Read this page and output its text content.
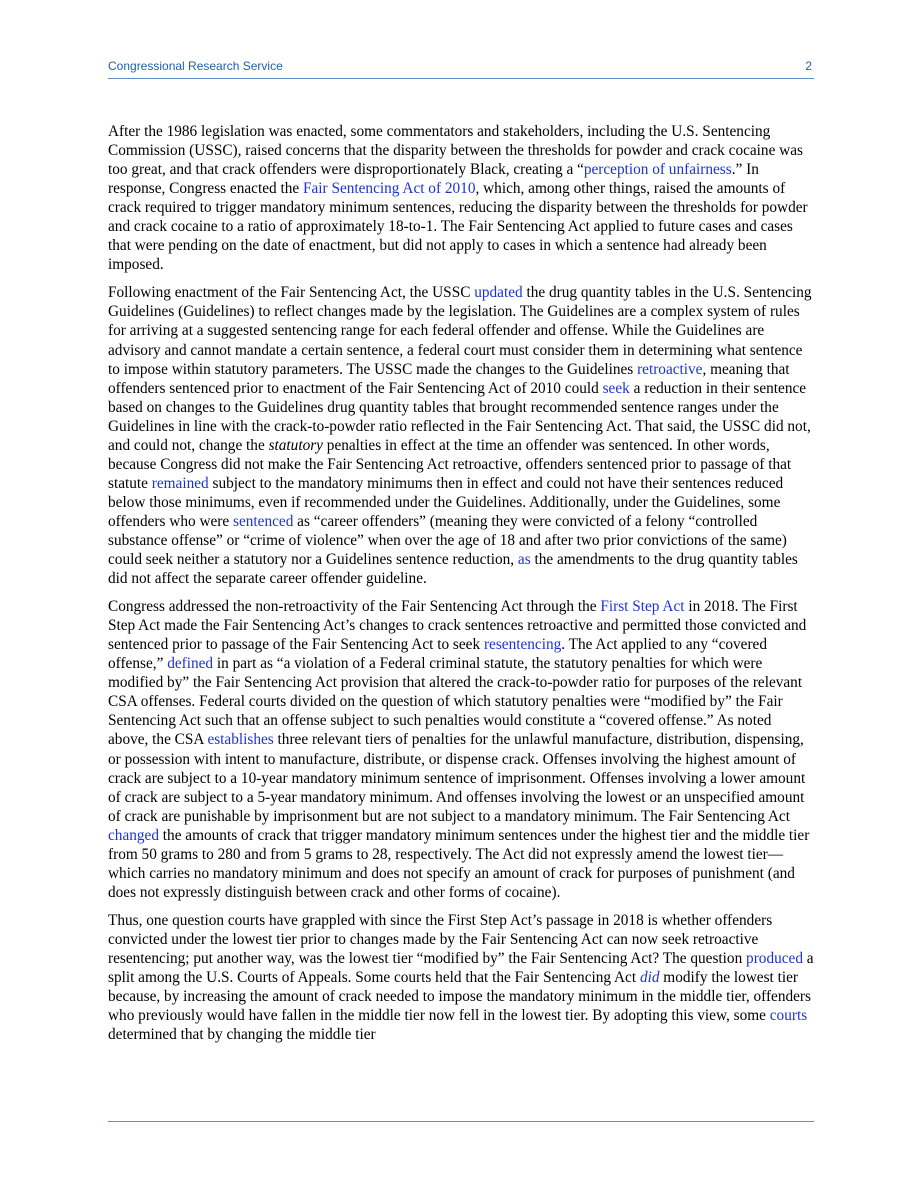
Congressional Research Service	2

After the 1986 legislation was enacted, some commentators and stakeholders, including the U.S. Sentencing Commission (USSC), raised concerns that the disparity between the thresholds for powder and crack cocaine was too great, and that crack offenders were disproportionately Black, creating a “perception of unfairness.” In response, Congress enacted the Fair Sentencing Act of 2010, which, among other things, raised the amounts of crack required to trigger mandatory minimum sentences, reducing the disparity between the thresholds for powder and crack cocaine to a ratio of approximately 18-to-1. The Fair Sentencing Act applied to future cases and cases that were pending on the date of enactment, but did not apply to cases in which a sentence had already been imposed.

Following enactment of the Fair Sentencing Act, the USSC updated the drug quantity tables in the U.S. Sentencing Guidelines (Guidelines) to reflect changes made by the legislation. The Guidelines are a complex system of rules for arriving at a suggested sentencing range for each federal offender and offense. While the Guidelines are advisory and cannot mandate a certain sentence, a federal court must consider them in determining what sentence to impose within statutory parameters. The USSC made the changes to the Guidelines retroactive, meaning that offenders sentenced prior to enactment of the Fair Sentencing Act of 2010 could seek a reduction in their sentence based on changes to the Guidelines drug quantity tables that brought recommended sentence ranges under the Guidelines in line with the crack-to-powder ratio reflected in the Fair Sentencing Act. That said, the USSC did not, and could not, change the statutory penalties in effect at the time an offender was sentenced. In other words, because Congress did not make the Fair Sentencing Act retroactive, offenders sentenced prior to passage of that statute remained subject to the mandatory minimums then in effect and could not have their sentences reduced below those minimums, even if recommended under the Guidelines. Additionally, under the Guidelines, some offenders who were sentenced as “career offenders” (meaning they were convicted of a felony “controlled substance offense” or “crime of violence” when over the age of 18 and after two prior convictions of the same) could seek neither a statutory nor a Guidelines sentence reduction, as the amendments to the drug quantity tables did not affect the separate career offender guideline.

Congress addressed the non-retroactivity of the Fair Sentencing Act through the First Step Act in 2018. The First Step Act made the Fair Sentencing Act’s changes to crack sentences retroactive and permitted those convicted and sentenced prior to passage of the Fair Sentencing Act to seek resentencing. The Act applied to any “covered offense,” defined in part as “a violation of a Federal criminal statute, the statutory penalties for which were modified by” the Fair Sentencing Act provision that altered the crack-to-powder ratio for purposes of the relevant CSA offenses. Federal courts divided on the question of which statutory penalties were “modified by” the Fair Sentencing Act such that an offense subject to such penalties would constitute a “covered offense.” As noted above, the CSA establishes three relevant tiers of penalties for the unlawful manufacture, distribution, dispensing, or possession with intent to manufacture, distribute, or dispense crack. Offenses involving the highest amount of crack are subject to a 10-year mandatory minimum sentence of imprisonment. Offenses involving a lower amount of crack are subject to a 5-year mandatory minimum. And offenses involving the lowest or an unspecified amount of crack are punishable by imprisonment but are not subject to a mandatory minimum. The Fair Sentencing Act changed the amounts of crack that trigger mandatory minimum sentences under the highest tier and the middle tier from 50 grams to 280 and from 5 grams to 28, respectively. The Act did not expressly amend the lowest tier—which carries no mandatory minimum and does not specify an amount of crack for purposes of punishment (and does not expressly distinguish between crack and other forms of cocaine).

Thus, one question courts have grappled with since the First Step Act’s passage in 2018 is whether offenders convicted under the lowest tier prior to changes made by the Fair Sentencing Act can now seek retroactive resentencing; put another way, was the lowest tier “modified by” the Fair Sentencing Act? The question produced a split among the U.S. Courts of Appeals. Some courts held that the Fair Sentencing Act did modify the lowest tier because, by increasing the amount of crack needed to impose the mandatory minimum in the middle tier, offenders who previously would have fallen in the middle tier now fell in the lowest tier. By adopting this view, some courts determined that by changing the middle tier
